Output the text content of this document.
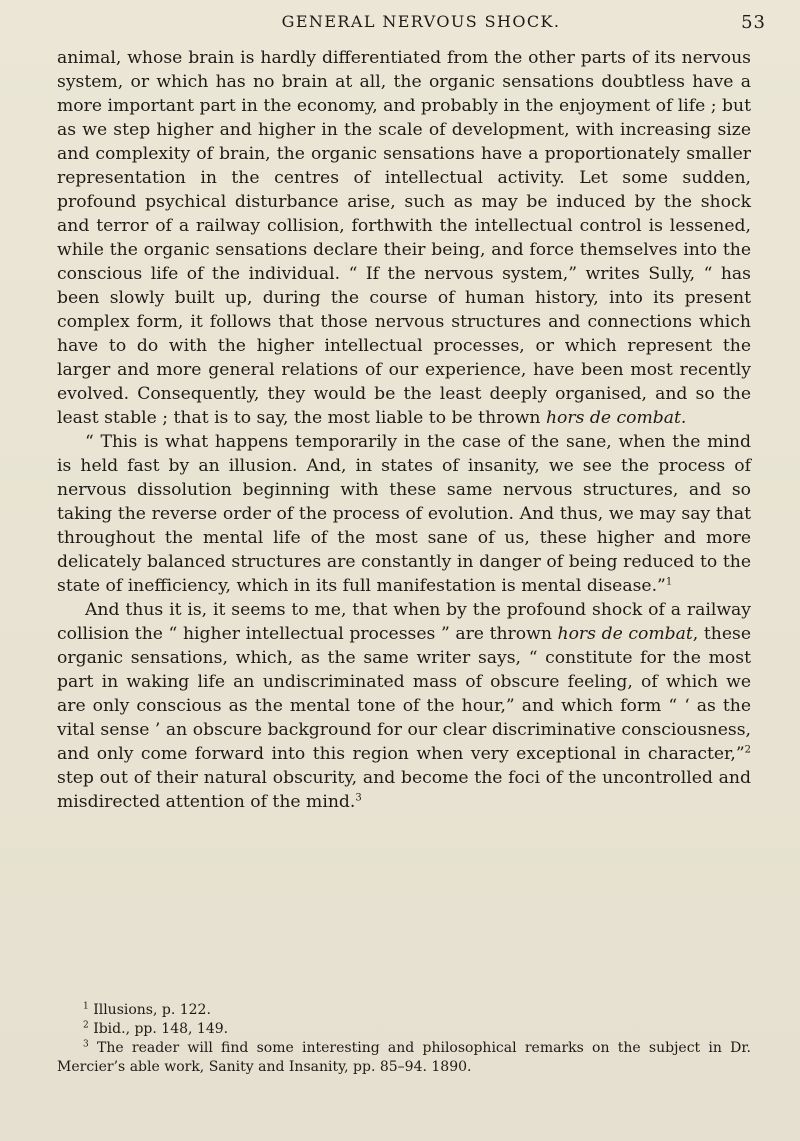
GENERAL NERVOUS SHOCK.	53

animal, whose brain is hardly differentiated from the other parts of its nervous system, or which has no brain at all, the organic sensations doubtless have a more important part in the economy, and probably in the enjoyment of life ; but as we step higher and higher in the scale of development, with increasing size and complexity of brain, the organic sensations have a proportionately smaller representation in the centres of intellectual activity. Let some sudden, profound psychical disturbance arise, such as may be induced by the shock and terror of a railway collision, forthwith the intellectual control is lessened, while the organic sensations declare their being, and force themselves into the conscious life of the individual. “ If the nervous system,” writes Sully, “ has been slowly built up, during the course of human history, into its present complex form, it follows that those nervous structures and connections which have to do with the higher intellectual processes, or which represent the larger and more general relations of our experience, have been most recently evolved. Consequently, they would be the least deeply organised, and so the least stable ; that is to say, the most liable to be thrown hors de combat.

“ This is what happens temporarily in the case of the sane, when the mind is held fast by an illusion. And, in states of insanity, we see the process of nervous dissolution beginning with these same nervous structures, and so taking the reverse order of the process of evolution. And thus, we may say that throughout the mental life of the most sane of us, these higher and more delicately balanced structures are constantly in danger of being reduced to the state of inefficiency, which in its full manifestation is mental disease.”$^1$

And thus it is, it seems to me, that when by the profound shock of a railway collision the “ higher intellectual processes ” are thrown hors de combat, these organic sensations, which, as the same writer says, “ constitute for the most part in waking life an undiscriminated mass of obscure feeling, of which we are only conscious as the mental tone of the hour,” and which form “ ‘ as the vital sense ’ an obscure background for our clear discriminative consciousness, and only come forward into this region when very exceptional in character,”$^2$ step out of their natural obscurity, and become the foci of the uncontrolled and misdirected attention of the mind.$^3$

$^1$ Illusions, p. 122.

$^2$ Ibid., pp. 148, 149.

$^3$ The reader will find some interesting and philosophical remarks on the subject in Dr. Mercier’s able work, Sanity and Insanity, pp. 85–94. 1890.
